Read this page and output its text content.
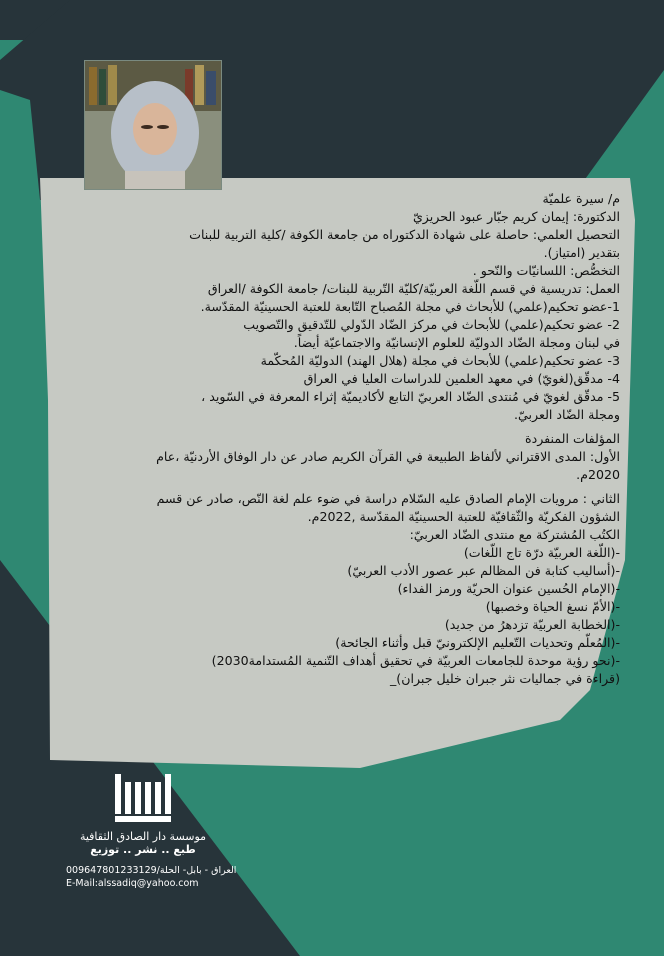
م/ سيرة علميّة

الدكتورة: إيمان كريم جبّار عبود الحريزيّ

التحصيل العلمي: حاصلة على شهادة الدكتوراه من جامعة الكوفة /كلية التربية للبنات

بتقدير (امتياز).

التخصُّص: اللسانيّات والنّحو .

العمل: تدريسية في قسم اللّغة العربيّة/كليّة التّربية للبنات/ جامعة الكوفة /العراق

1-عضو تحكيم(علمي) للأبحاث في مجلة المُصباح التّابعة للعتبة الحسينيّة المقدّسة.

2- عضو تحكيم(علمي) للأبحاث في مركز الضّاد الدّولي للتّدقيق والتّصويب

في لبنان ومجلة الضّاد الدوليّة للعلوم الإنسانيّة والاجتماعيّة أيضاً.

3- عضو تحكيم(علمي) للأبحاث في مجلة (هلال الهند) الدوليّة المُحكّمة

4- مدقّق(لغويّ) في معهد العلمين للدراسات العليا في العراق

5- مدقّق لغويّ في مُنتدى الضّاد العربيّ التابع لأكاديميّة إثراء المعرفة في السّويد ،

ومجلة الضّاد العربيّ.

المؤلفات المنفردة

الأول: المدى الاقتراني لألفاظ الطبيعة في القرآن الكريم صادر عن دار الوفاق الأردنيّة ،عام

2020م.

الثاني : مرويات الإمام الصادق عليه السّلام دراسة في ضوء علم لغة النّص، صادر عن قسم

الشؤون الفكريّة والثّقافيّة للعتبة الحسينيّة المقدّسة ,2022م.

الكتُب المُشتركة مع منتدى الضّاد العربيّ:

-(اللّغة العربيّة درّة تاج اللّغات)

-(أساليب كتابة فن المظالم عبر عصور الأدب العربيّ)

-(الإمام الحُسين عنوان الحريّة ورمز الفداء)

-(الأمّ نسغ الحياة وخصبها)

-(الخطابة العربيّة تزدهرُ من جديد)

-(المُعلّم وتحديات التّعليم الإلكترونيّ قبل وأثناء الجائحة)

-(نحو رؤية موحدة للجامعات العربيّة في تحقيق أهداف التّنمية المُستدامة2030)

(قراءة في جماليات نثر جبران خليل جبران)_

موسسة دار الصادق الثقافية
طبع .. نشر .. توزيع
العراق - بابل- الحلة/009647801233129
E-Mail:alssadiq@yahoo.com
